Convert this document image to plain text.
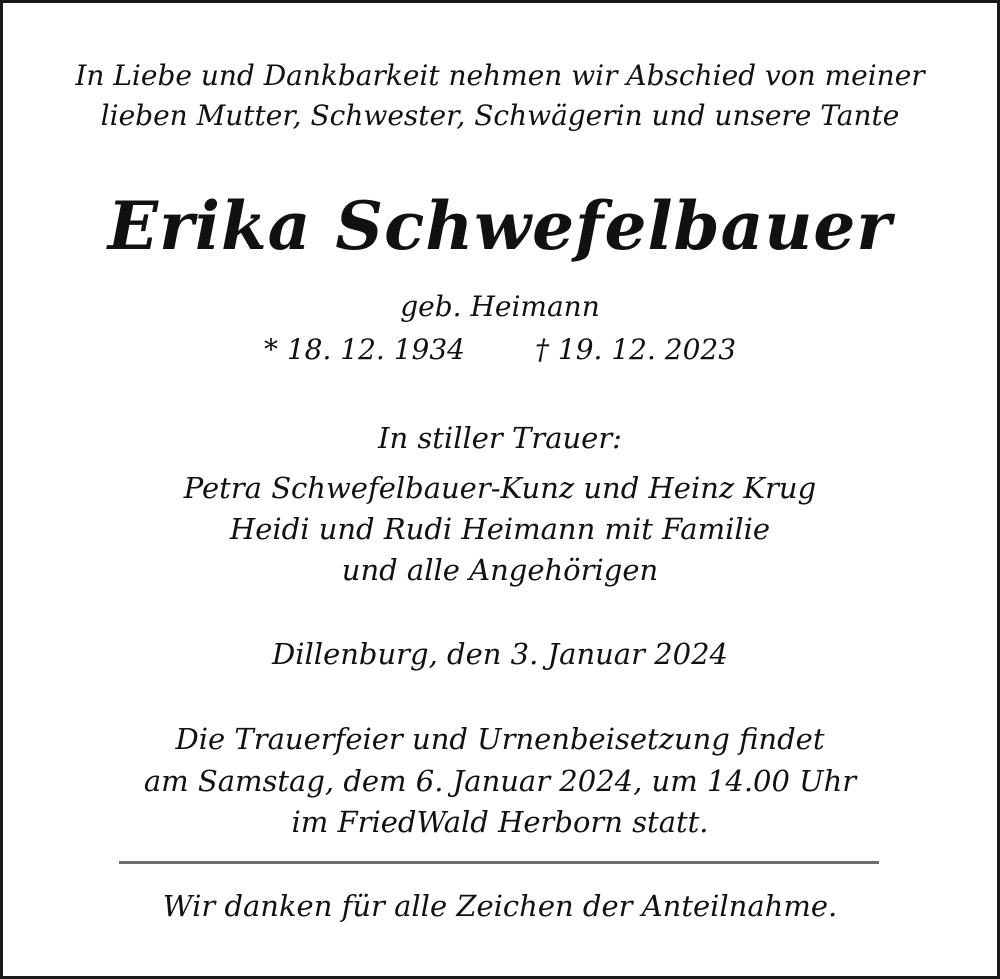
In Liebe und Dankbarkeit nehmen wir Abschied von meiner
lieben Mutter, Schwester, Schwägerin und unsere Tante
Erika Schwefelbauer
geb. Heimann
* 18. 12. 1934	† 19. 12. 2023
In stiller Trauer:
Petra Schwefelbauer-Kunz und Heinz Krug
Heidi und Rudi Heimann mit Familie
und alle Angehörigen
Dillenburg, den 3. Januar 2024
Die Trauerfeier und Urnenbeisetzung findet
am Samstag, dem 6. Januar 2024, um 14.00 Uhr
im FriedWald Herborn statt.
Wir danken für alle Zeichen der Anteilnahme.
